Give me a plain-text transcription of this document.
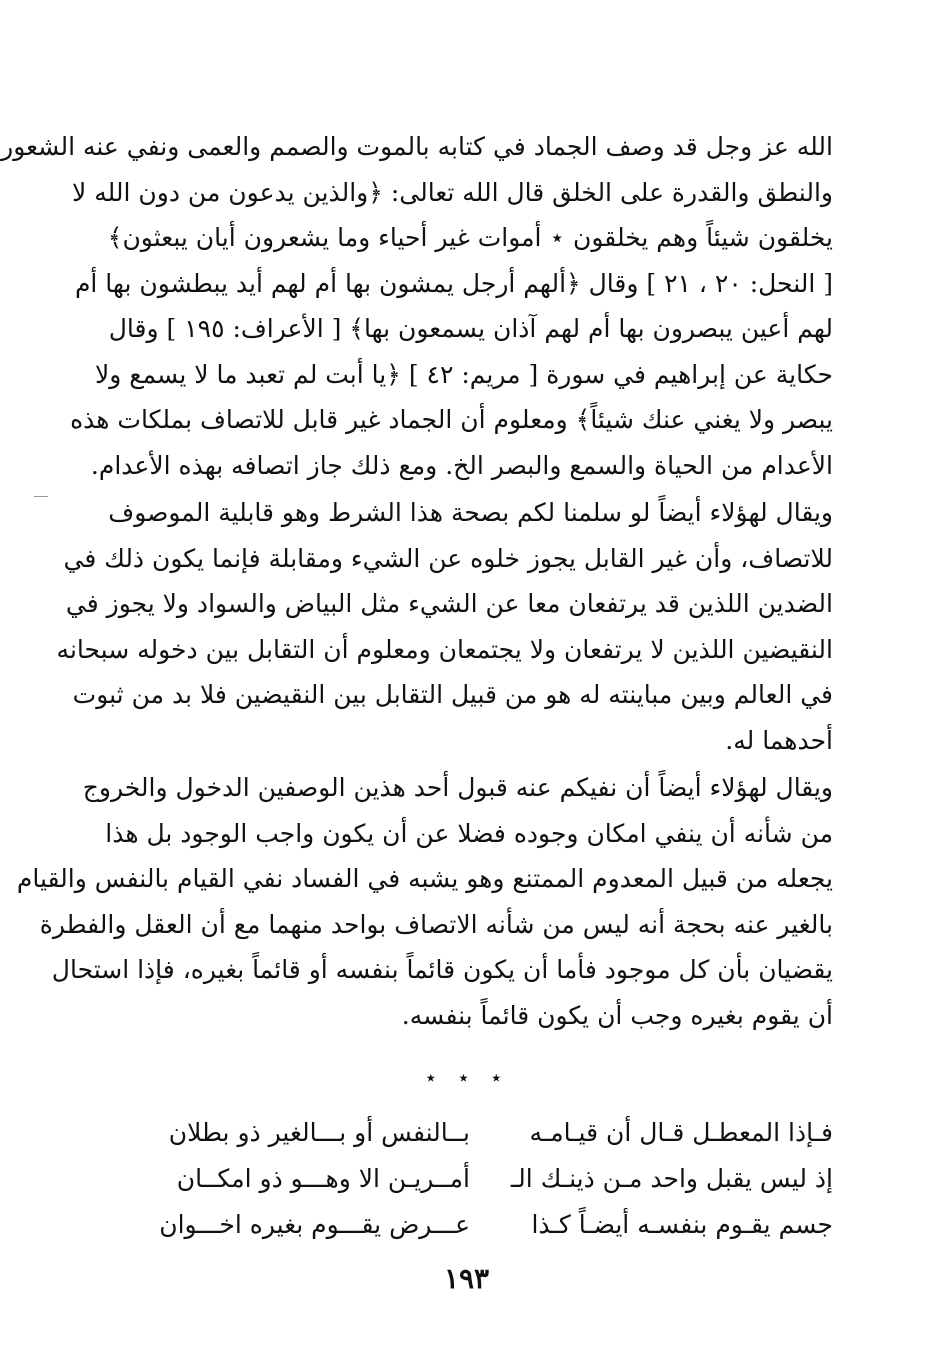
الله عز وجل قد وصف الجماد في كتابه بالموت والصمم والعمى ونفي عنه الشعور
والنطق والقدرة على الخلق قال الله تعالى: ﴿والذين يدعون من دون الله لا
يخلقون شيئاً وهم يخلقون ⋆ أموات غير أحياء وما يشعرون أيان يبعثون﴾
[ النحل: ٢٠ ، ٢١ ] وقال ﴿ألهم أرجل يمشون بها أم لهم أيد يبطشون بها أم
لهم أعين يبصرون بها أم لهم آذان يسمعون بها﴾ [ الأعراف: ١٩٥ ] وقال
حكاية عن إبراهيم في سورة [ مريم: ٤٢ ] ﴿يا أبت لم تعبد ما لا يسمع ولا
يبصر ولا يغني عنك شيئاً﴾ ومعلوم أن الجماد غير قابل للاتصاف بملكات هذه
الأعدام من الحياة والسمع والبصر الخ. ومع ذلك جاز اتصافه بهذه الأعدام.
ويقال لهؤلاء أيضاً لو سلمنا لكم بصحة هذا الشرط وهو قابلية الموصوف
للاتصاف، وأن غير القابل يجوز خلوه عن الشيء ومقابلة فإنما يكون ذلك في
الضدين اللذين قد يرتفعان معا عن الشيء مثل البياض والسواد ولا يجوز في
النقيضين اللذين لا يرتفعان ولا يجتمعان ومعلوم أن التقابل بين دخوله سبحانه
في العالم وبين مباينته له هو من قبيل التقابل بين النقيضين فلا بد من ثبوت
أحدهما له.
ويقال لهؤلاء أيضاً أن نفيكم عنه قبول أحد هذين الوصفين الدخول والخروج
من شأنه أن ينفي امكان وجوده فضلا عن أن يكون واجب الوجود بل هذا
يجعله من قبيل المعدوم الممتنع وهو يشبه في الفساد نفي القيام بالنفس والقيام
بالغير عنه بحجة أنه ليس من شأنه الاتصاف بواحد منهما مع أن العقل والفطرة
يقضيان بأن كل موجود فأما أن يكون قائماً بنفسه أو قائماً بغيره، فإذا استحال
أن يقوم بغيره وجب أن يكون قائماً بنفسه.
⋆ ⋆ ⋆
فـإذا المعطـل قـال أن قيـامـه
بــالنفس أو بـــالغير ذو بطلان
إذ ليس يقبل واحد مـن ذينـك الـ
أمــريـن الا وهـــو ذو امكــان
جسم يقـوم بنفسـه أيضـاً كـذا
عـــرض يقـــوم بغيره اخـــوان
١٩٣
